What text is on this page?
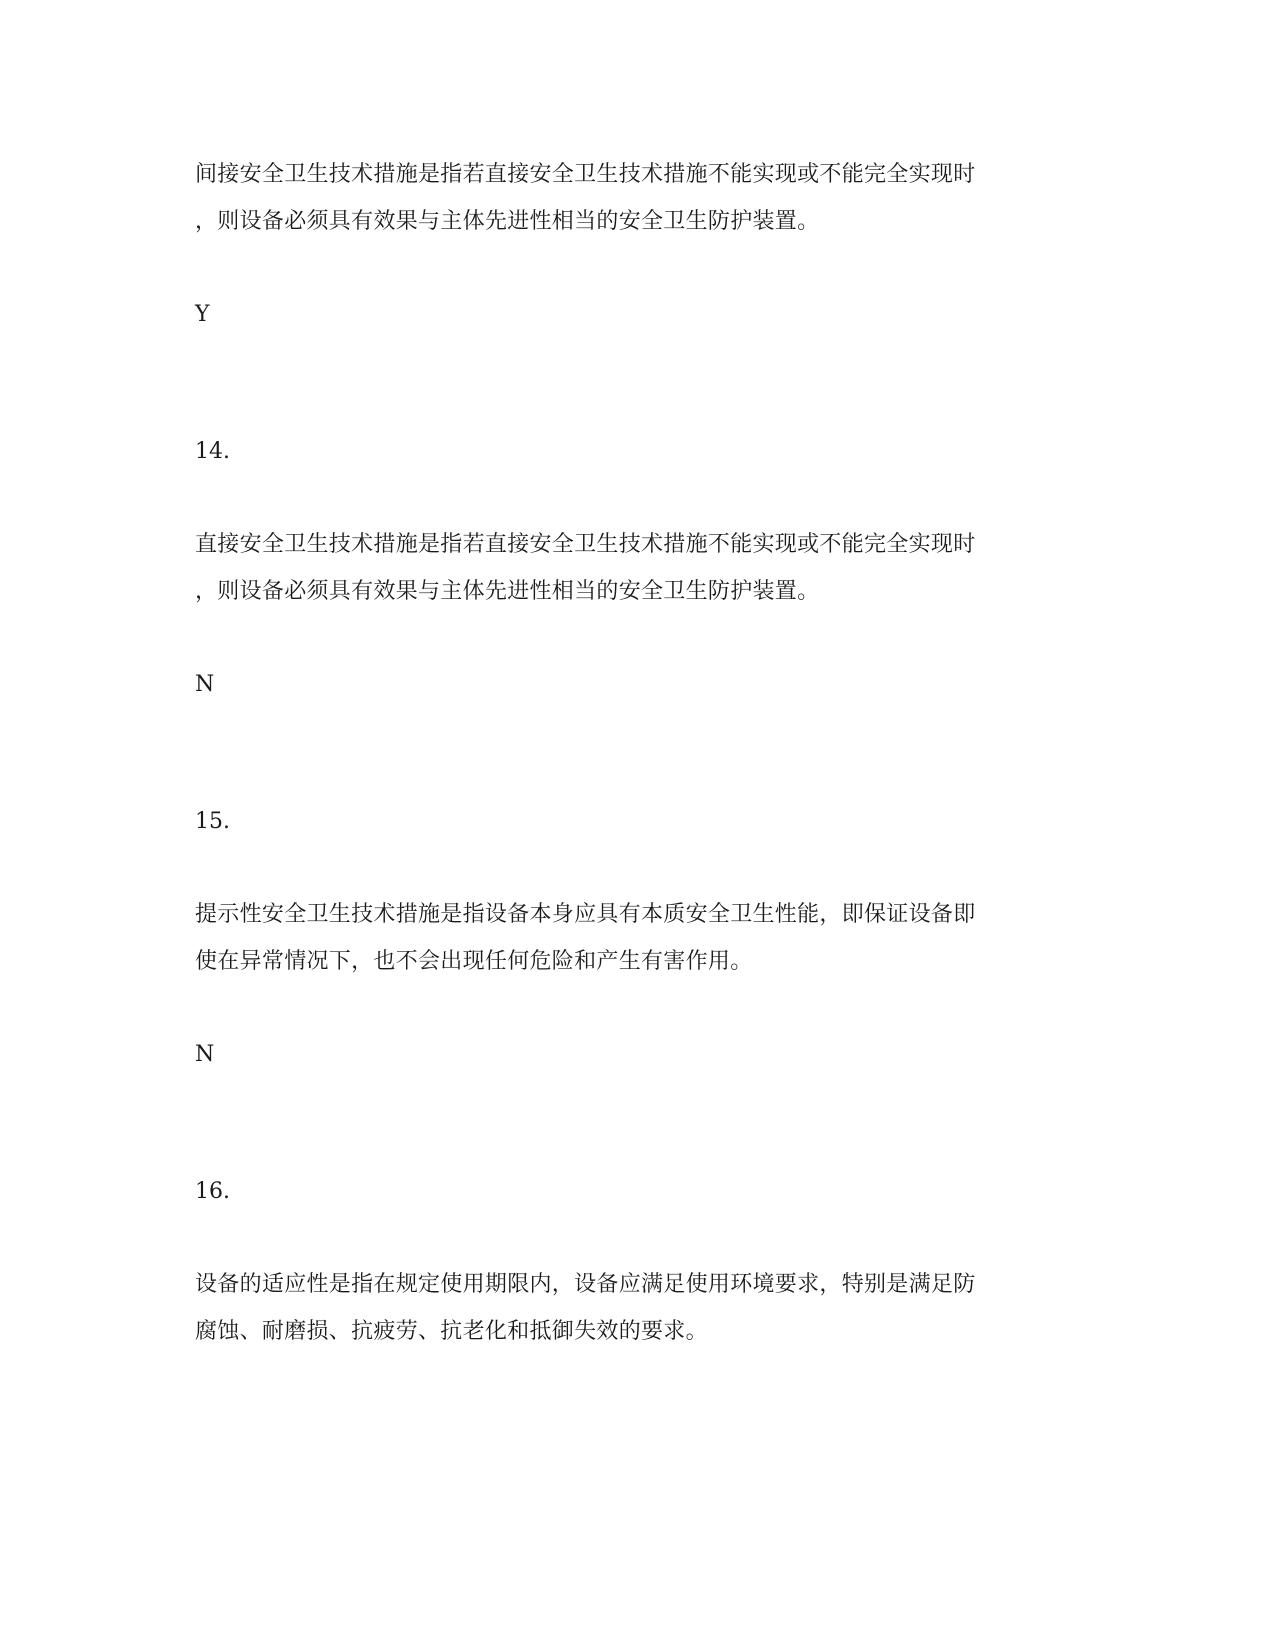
间接安全卫生技术措施是指若直接安全卫生技术措施不能实现或不能完全实现时
，则设备必须具有效果与主体先进性相当的安全卫生防护装置。
Y
14.
直接安全卫生技术措施是指若直接安全卫生技术措施不能实现或不能完全实现时
，则设备必须具有效果与主体先进性相当的安全卫生防护装置。
N
15.
提示性安全卫生技术措施是指设备本身应具有本质安全卫生性能，即保证设备即
使在异常情况下，也不会出现任何危险和产生有害作用。
N
16.
设备的适应性是指在规定使用期限内，设备应满足使用环境要求，特别是满足防
腐蚀、耐磨损、抗疲劳、抗老化和抵御失效的要求。
